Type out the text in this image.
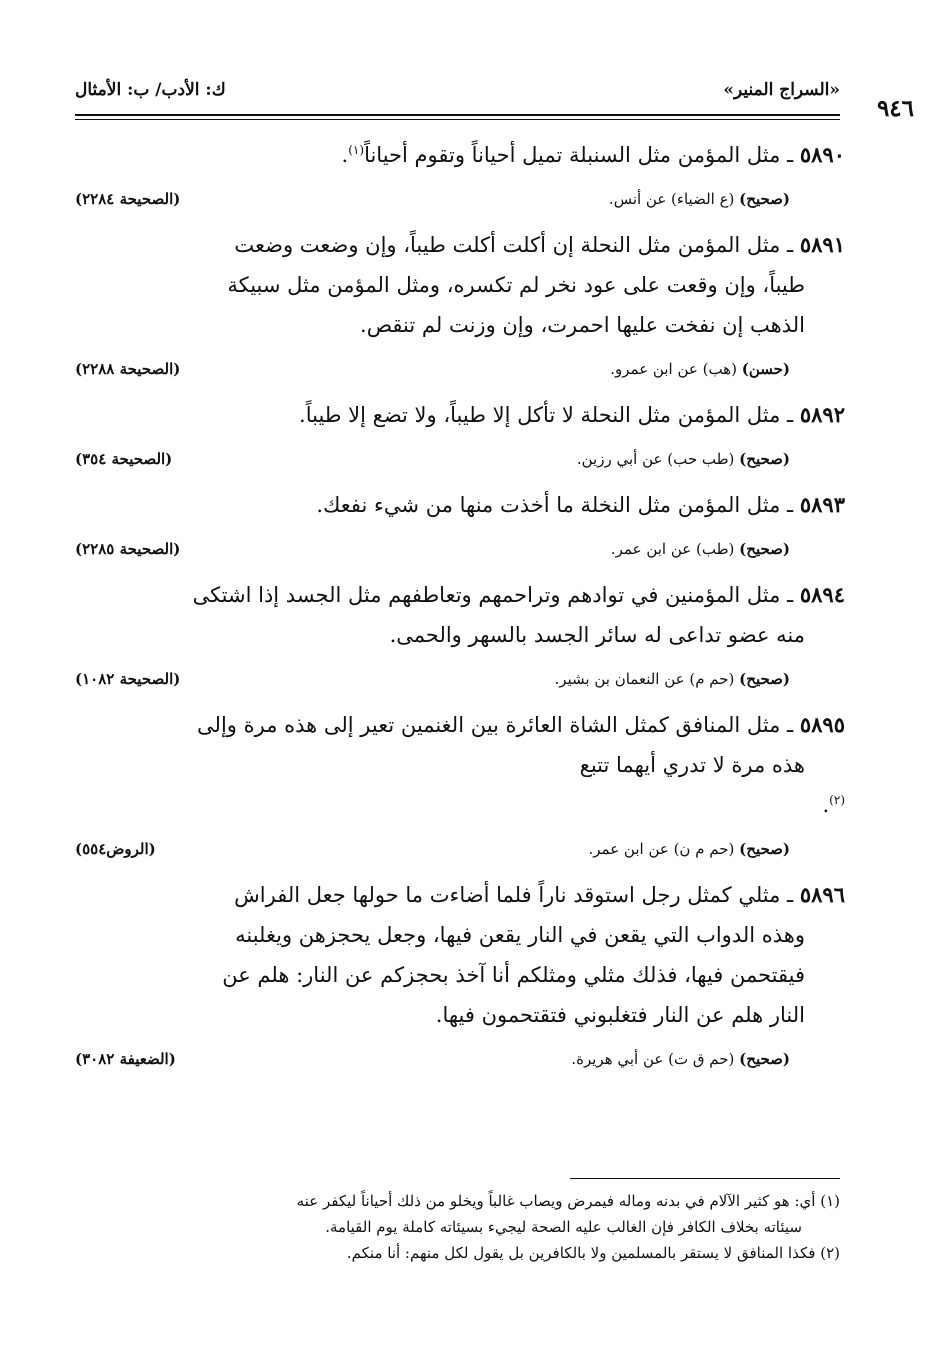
«السراج المنير»
ك: الأدب/ ب: الأمثال
٩٤٦
٥٨٩٠ ـ مثل المؤمن مثل السنبلة تميل أحياناً وتقوم أحياناً$^{(١)}$.
(صحيح) (ع الضياء) عن أنس.
(الصحيحة ٢٢٨٤)
٥٨٩١ ـ مثل المؤمن مثل النحلة إن أكلت أكلت طيباً، وإن وضعت وضعت
طيباً، وإن وقعت على عود نخر لم تكسره، ومثل المؤمن مثل سبيكة
الذهب إن نفخت عليها احمرت، وإن وزنت لم تنقص.
(حسن) (هب) عن ابن عمرو.
(الصحيحة ٢٢٨٨)
٥٨٩٢ ـ مثل المؤمن مثل النحلة لا تأكل إلا طيباً، ولا تضع إلا طيباً.
(صحيح) (طب حب) عن أبي رزين.
(الصحيحة ٣٥٤)
٥٨٩٣ ـ مثل المؤمن مثل النخلة ما أخذت منها من شيء نفعك.
(صحيح) (طب) عن ابن عمر.
(الصحيحة ٢٢٨٥)
٥٨٩٤ ـ مثل المؤمنين في توادهم وتراحمهم وتعاطفهم مثل الجسد إذا اشتكى
منه عضو تداعى له سائر الجسد بالسهر والحمى.
(صحيح) (حم م) عن النعمان بن بشير.
(الصحيحة ١٠٨٢)
٥٨٩٥ ـ مثل المنافق كمثل الشاة العائرة بين الغنمين تعير إلى هذه مرة وإلى
هذه مرة لا تدري أيهما تتبع
$^{(٢)}$.
(صحيح) (حم م ن) عن ابن عمر.
(الروض٥٥٤)
٥٨٩٦ ـ مثلي كمثل رجل استوقد ناراً فلما أضاءت ما حولها جعل الفراش
وهذه الدواب التي يقعن في النار يقعن فيها، وجعل يحجزهن ويغلبنه
فيقتحمن فيها، فذلك مثلي ومثلكم أنا آخذ بحجزكم عن النار: هلم عن
النار هلم عن النار فتغلبوني فتقتحمون فيها.
(صحيح) (حم ق ت) عن أبي هريرة.
(الضعيفة ٣٠٨٢)
(١) أي: هو كثير الآلام في بدنه وماله فيمرض ويصاب غالباً ويخلو من ذلك أحياناً ليكفر عنه
سيئاته بخلاف الكافر فإن الغالب عليه الصحة ليجيء بسيئاته كاملة يوم القيامة.
(٢) فكذا المنافق لا يستقر بالمسلمين ولا بالكافرين بل يقول لكل منهم: أنا منكم.
